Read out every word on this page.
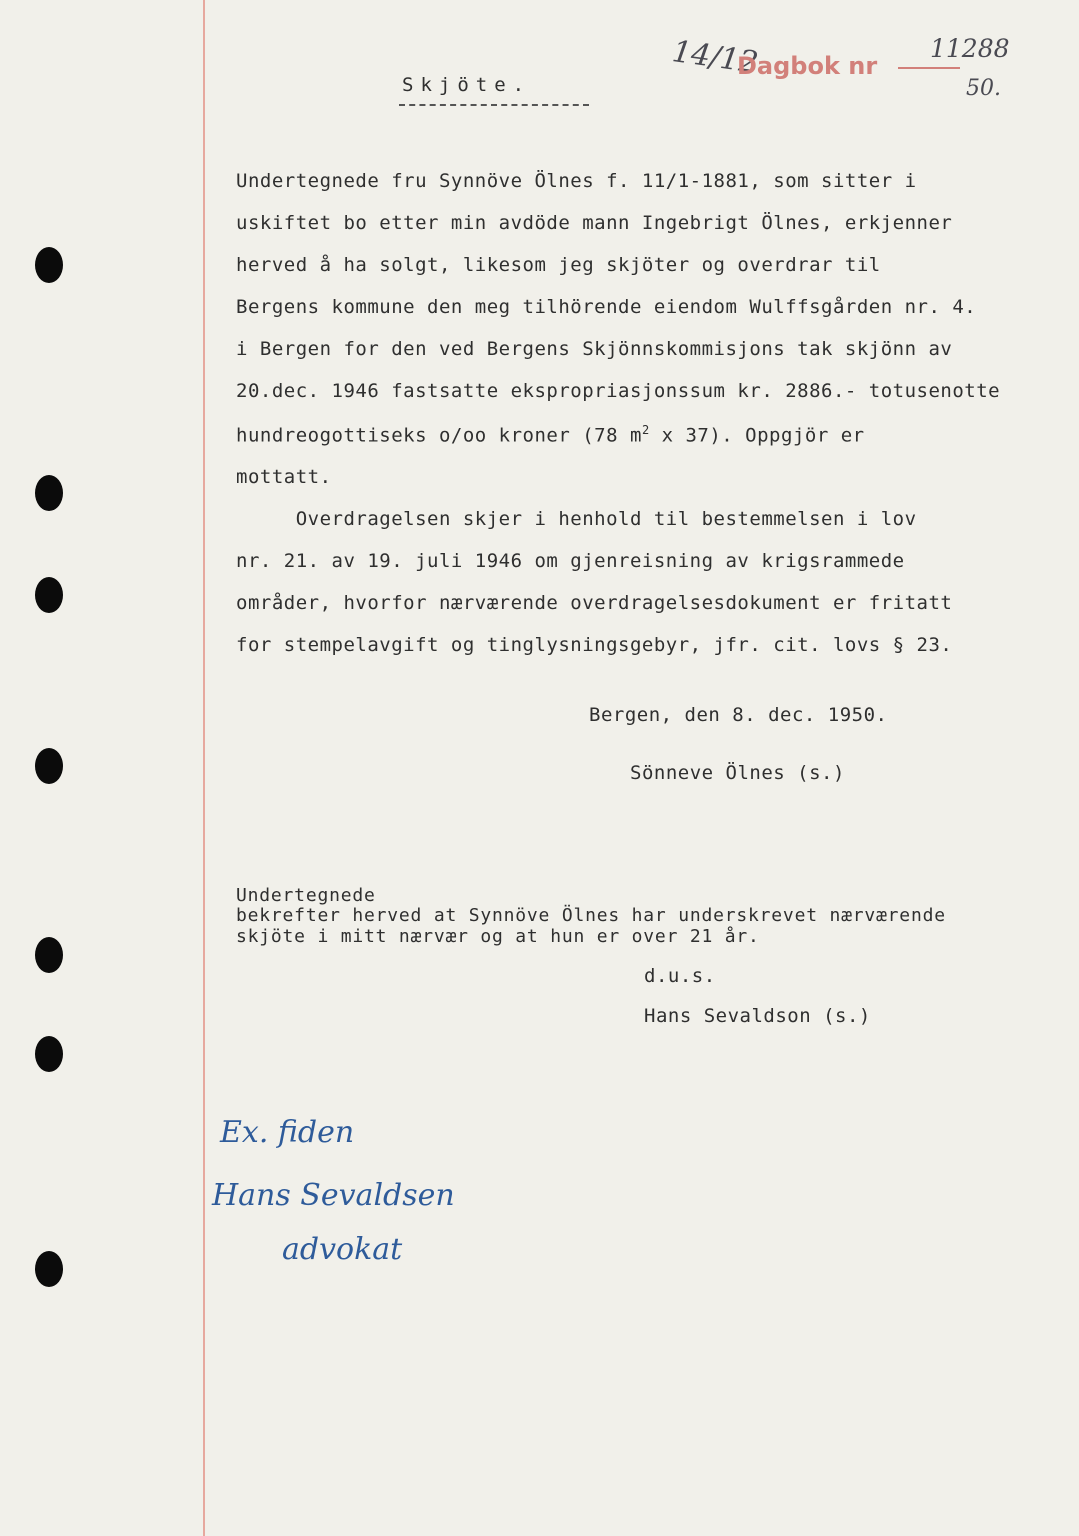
Skjöte.
14/12
Dagbok nr
11288
50.
Undertegnede fru Synnöve Ölnes f. 11/1-1881, som sitter i
uskiftet bo etter min avdöde mann Ingebrigt Ölnes, erkjenner
herved å ha solgt, likesom jeg skjöter og overdrar til
Bergens kommune den meg tilhörende eiendom Wulffsgården nr. 4.
i Bergen for den ved Bergens Skjönnskommisjons tak skjönn av
20.dec. 1946 fastsatte ekspropriasjonssum kr. 2886.- totusenotte
hundreogottiseks o/oo kroner (78 $m^2$ x 37). Oppgjör er
mottatt.
Overdragelsen skjer i henhold til bestemmelsen i lov
nr. 21. av 19. juli 1946 om gjenreisning av krigsrammede
områder, hvorfor nærværende overdragelsesdokument er fritatt
for stempelavgift og tinglysningsgebyr, jfr. cit. lovs § 23.
Bergen, den 8. dec. 1950.
Sönneve Ölnes (s.)
Undertegnede
bekrefter herved at Synnöve Ölnes har underskrevet nærværende
skjöte i mitt nærvær og at hun er over 21 år.
d.u.s.
Hans Sevaldson (s.)
Ex. fiden
Hans Sevaldsen
advokat
